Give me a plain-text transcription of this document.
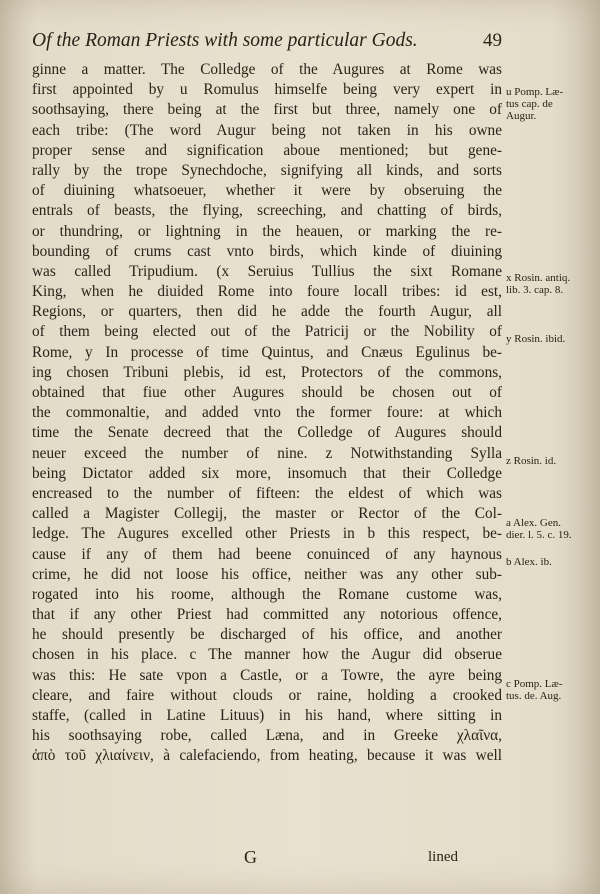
Of the Roman Priests with some particular Gods.	49
ginne a matter. The Colledge of the Augures at Rome was
first appointed by u Romulus himselfe being very expert in
soothsaying, there being at the first but three, namely one of
each tribe: (The word Augur being not taken in his owne
proper sense and signification aboue mentioned; but gene-
rally by the trope Synechdoche, signifying all kinds, and sorts
of diuining whatsoeuer, whether it were by obseruing the
entrals of beasts, the flying, screeching, and chatting of birds,
or thundring, or lightning in the heauen, or marking the re-
bounding of crums cast vnto birds, which kinde of diuining
was called Tripudium. (x Seruius Tullius the sixt Romane
King, when he diuided Rome into foure locall tribes: id est,
Regions, or quarters, then did he adde the fourth Augur, all
of them being elected out of the Patricij or the Nobility of
Rome, y In processe of time Quintus, and Cnæus Egulinus be-
ing chosen Tribuni plebis, id est, Protectors of the commons,
obtained that fiue other Augures should be chosen out of
the commonaltie, and added vnto the former foure: at which
time the Senate decreed that the Colledge of Augures should
neuer exceed the number of nine. z Notwithstanding Sylla
being Dictator added six more, insomuch that their Colledge
encreased to the number of fifteen: the eldest of which was
called a Magister Collegij, the master or Rector of the Col-
ledge. The Augures excelled other Priests in b this respect, be-
cause if any of them had beene conuinced of any haynous
crime, he did not loose his office, neither was any other sub-
rogated into his roome, although the Romane custome was,
that if any other Priest had committed any notorious offence,
he should presently be discharged of his office, and another
chosen in his place. c The manner how the Augur did obserue
was this: He sate vpon a Castle, or a Towre, the ayre being
cleare, and faire without clouds or raine, holding a crooked
staffe, (called in Latine Lituus) in his hand, where sitting in
his soothsaying robe, called Læna, and in Greeke χλαῖνα,
ἀπὸ τοῦ χλιαίνειν, à calefaciendo, from heating, because it was well
u Pomp. Læ-
tus cap. de
Augur.
x Rosin. antiq.
lib. 3. cap. 8.
y Rosin. ibid.
z Rosin. id.
a Alex. Gen.
dier. l. 5. c. 19.
b Alex. ib.
c Pomp. Læ-
tus. de. Aug.
G	lined
